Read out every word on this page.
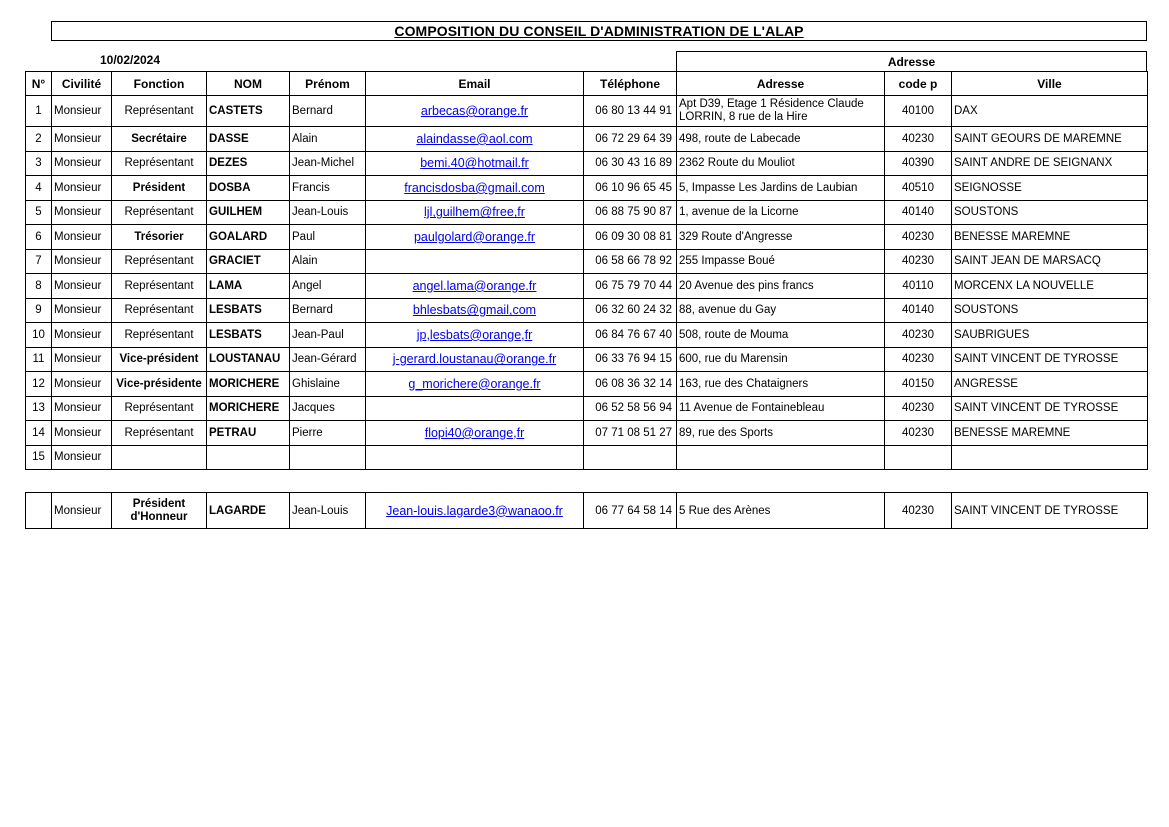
COMPOSITION DU CONSEIL D'ADMINISTRATION DE L'ALAP
10/02/2024	Adresse
N°	Civilité	Fonction	NOM	Prénom	Email	Téléphone	Adresse	code p	Ville
1	Monsieur	Représentant	CASTETS	Bernard	arbecas@orange.fr	06 80 13 44 91	Apt D39, Etage 1 Résidence Claude LORRIN, 8 rue de la Hire	40100	DAX
2	Monsieur	Secrétaire	DASSE	Alain	alaindasse@aol.com	06 72 29 64 39	498, route de Labecade	40230	SAINT GEOURS DE MAREMNE
3	Monsieur	Représentant	DEZES	Jean-Michel	bemi.40@hotmail.fr	06 30 43 16 89	2362 Route du Mouliot	40390	SAINT ANDRE DE SEIGNANX
4	Monsieur	Président	DOSBA	Francis	francisdosba@gmail.com	06 10 96 65 45	5, Impasse Les Jardins de Laubian	40510	SEIGNOSSE
5	Monsieur	Représentant	GUILHEM	Jean-Louis	ljl,guilhem@free,fr	06 88 75 90 87	1, avenue de la Licorne	40140	SOUSTONS
6	Monsieur	Trésorier	GOALARD	Paul	paulgolard@orange.fr	06 09 30 08 81	329 Route d'Angresse	40230	BENESSE MAREMNE
7	Monsieur	Représentant	GRACIET	Alain		06 58 66 78 92	255 Impasse Boué	40230	SAINT JEAN DE MARSACQ
8	Monsieur	Représentant	LAMA	Angel	angel.lama@orange.fr	06 75 79 70 44	20 Avenue des pins francs	40110	MORCENX LA NOUVELLE
9	Monsieur	Représentant	LESBATS	Bernard	bhlesbats@gmail,com	06 32 60 24 32	88, avenue du Gay	40140	SOUSTONS
10	Monsieur	Représentant	LESBATS	Jean-Paul	jp,lesbats@orange,fr	06 84 76 67 40	508, route de Mouma	40230	SAUBRIGUES
11	Monsieur	Vice-président	LOUSTANAU	Jean-Gérard	j-gerard.loustanau@orange.fr	06 33 76 94 15	600, rue du Marensin	40230	SAINT VINCENT DE TYROSSE
12	Monsieur	Vice-présidente	MORICHERE	Ghislaine	g_morichere@orange.fr	06 08 36 32 14	163, rue des Chataigners	40150	ANGRESSE
13	Monsieur	Représentant	MORICHERE	Jacques		06 52 58 56 94	11 Avenue de Fontainebleau	40230	SAINT VINCENT DE TYROSSE
14	Monsieur	Représentant	PETRAU	Pierre	flopi40@orange,fr	07 71 08 51 27	89, rue des Sports	40230	BENESSE MAREMNE
15	Monsieur								
	Monsieur	Président d'Honneur	LAGARDE	Jean-Louis	Jean-louis.lagarde3@wanaoo.fr	06 77 64 58 14	5 Rue des Arènes	40230	SAINT VINCENT DE TYROSSE
